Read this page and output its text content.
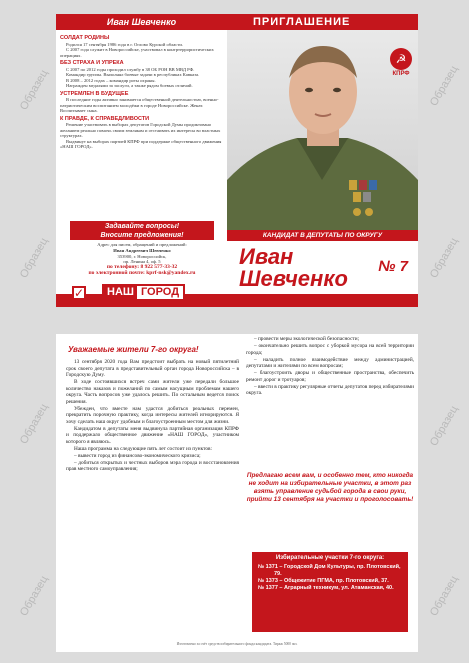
Образец
Образец
Образец
Образец
Образец
Образец
Образец
Образец
Иван Шевченко	ПРИГЛАШЕНИЕ
СОЛДАТ РОДИНЫ

Родился 17 сентября 1986 года в г. Оглово Курской области.

С 2007 года служит в Новороссийске, участвовал в контртеррористических операциях.

БЕЗ СТРАХА И УПРЕКА

С 2007 по 2012 годы проходил службу в 38 ОБ РОН ВВ МВД РФ.

Командир группы. Выполнял боевые задачи в республиках Кавказа.

В 2008 – 2012 годах – командир роты охраны.

Награжден медалями за заслуги, а также рядом боевых отличий.

УСТРЕМЛЕН В БУДУЩЕЕ

В последние годы активно занимается общественной деятельностью, военно-патриотическим воспитанием молодёжи в городе Новороссийске. Женат. Воспитывает сына.

К ПРАВДЕ, К СПРАВЕДЛИВОСТИ

Решение участвовать в выборах депутатов Городской Думы продиктовано желанием реально помочь своим землякам и отстаивать их интересы во властных структурах.

Выдвинут на выборах партией КПРФ при поддержке общественного движения «НАШ ГОРОД».

Задавайте вопросы!
Вносите предложения!
Адрес для писем, обращений и предложений:
Иван Андреевич Шевченко
353900, г. Новороссийск,
пр. Ленина 4, оф. 5
по телефону: 8 922 577-33-32
по электронной почте: kprf-nsk@yandex.ru
☭
КПРФ
КАНДИДАТ В ДЕПУТАТЫ ПО ОКРУГУ
Иван
Шевченко № 7
✓ НАШ ГОРОД
Уважаемые жители 7-го округа!

13 сентября 2020 года Вам предстоит выбрать на новый пятилетний срок своего депутата в представительный орган города Новороссийска – в Городскую Думу.

В ходе состоявшихся встреч сами жители уже передали большое количество наказов и пожеланий по самым насущным проблемам нашего округа. Часть вопросов уже удалось решить. По остальным ведется поиск решения.

Убежден, что вместе нам удастся добиться реальных перемен, прекратить порочную практику, когда интересы жителей игнорируются. Я хочу сделать наш округ удобным и благоустроенным местом для жизни.

Кандидатом в депутаты меня выдвинула партийная организация КПРФ и поддержало общественное движение «НАШ ГОРОД», участником которого я являюсь.

Наша программа на следующие пять лет состоит из пунктов:

– вывести город из финансово-экономического кризиса;

– добиться открытых и честных выборов мэра города и восстановления прав местного самоуправления;

– провести меры экологической безопасности;

– окончательно решить вопрос с уборкой мусора на всей территории города;

– наладить полное взаимодействие между администрацией, депутатами и жителями по всем вопросам;

– благоустроить дворы и общественные пространства, обеспечить ремонт дорог и тротуаров;

– ввести в практику регулярные отчеты депутатов перед избирателями округа.

Предлагаю всем вам, и особенно тем, кто никогда не ходит на избирательные участки, в этот раз взять управление судьбой города в свои руки, прийти 13 сентября на участки и проголосовать!
Избирательные участки 7-го округа:
№ 1371 – Городской Дом Культуры, пр. Плотовский, 79.
№ 1373 – Общежитие ПГМА, пр. Плотовский, 37.
№ 1377 – Аграрный техникум, ул. Атаманская, 40.
Изготовлено за счёт средств избирательного фонда кандидата. Тираж 5000 экз.
